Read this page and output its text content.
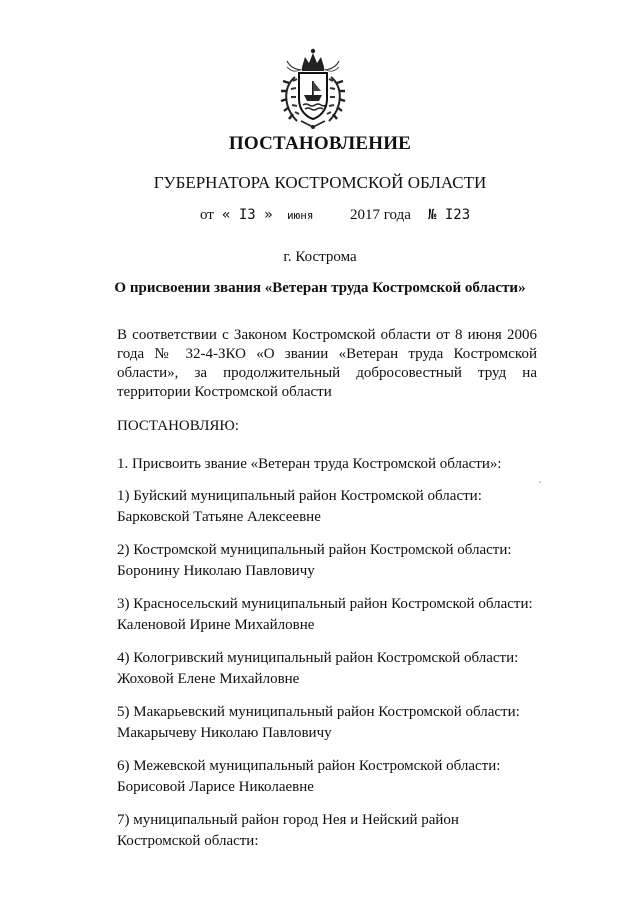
ПОСТАНОВЛЕНИЕ
ГУБЕРНАТОРА КОСТРОМСКОЙ ОБЛАСТИ
от « I3 » июня 2017 года № I23
г. Кострома
О присвоении звания «Ветеран труда Костромской области»

В соответствии с Законом Костромской области от 8 июня 2006 года № 32-4-ЗКО «О звании «Ветеран труда Костромской области», за продолжительный добросовестный труд на территории Костромской области

ПОСТАНОВЛЯЮ:
1. Присвоить звание «Ветеран труда Костромской области»:
1) Буйский муниципальный район Костромской области:
Барковской Татьяне Алексеевне
2) Костромской муниципальный район Костромской области:
Боронину Николаю Павловичу
3) Красносельский муниципальный район Костромской области:
Каленовой Ирине Михайловне
4) Кологривский муниципальный район Костромской области:
Жоховой Елене Михайловне
5) Макарьевский муниципальный район Костромской области:
Макарычеву Николаю Павловичу
6) Межевской муниципальный район Костромской области:
Борисовой Ларисе Николаевне
7) муниципальный район город Нея и Нейский район
Костромской области:
